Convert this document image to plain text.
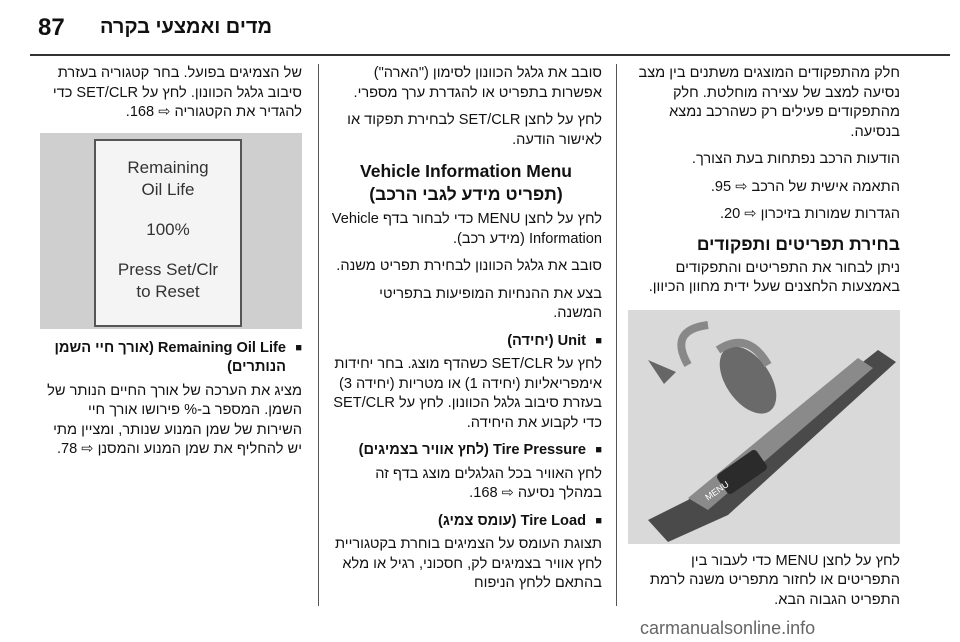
87 מדים ואמצעי בקרה

חלק מהתפקודים המוצגים משתנים בין מצב נסיעה למצב של עצירה מוחלטת. חלק מהתפקודים פעילים רק כשהרכב נמצא בנסיעה.

הודעות הרכב נפתחות בעת הצורך.

התאמה אישית של הרכב ⇨ 95.

הגדרות שמורות בזיכרון ⇨ 20.

בחירת תפריטים ותפקודים

ניתן לבחור את התפריטים והתפקודים באמצעות הלחצנים שעל ידית מחוון הכיוון.

MENU

לחץ על לחצן MENU כדי לעבור בין התפריטים או לחזור מתפריט משנה לרמת התפריט הגבוה הבא.

סובב את גלגל הכוונון לסימון ("הארה") אפשרות בתפריט או להגדרת ערך מספרי.

לחץ על לחצן SET/CLR לבחירת תפקוד או לאישור הודעה.

Vehicle Information Menu (תפריט מידע לגבי הרכב)

לחץ על לחצן MENU כדי לבחור בדף Vehicle Information (מידע רכב).

סובב את גלגל הכוונון לבחירת תפריט משנה.

בצע את ההנחיות המופיעות בתפריטי המשנה.

■ Unit (יחידה)

לחץ על SET/CLR כשהדף מוצג. בחר יחידות אימפריאליות (יחידה 1) או מטריות (יחידה 3) בעזרת סיבוב גלגל הכוונון. לחץ על SET/CLR כדי לקבוע את היחידה.

■ Tire Pressure (לחץ אוויר בצמיגים)

לחץ האוויר בכל הגלגלים מוצג בדף זה במהלך נסיעה ⇨ 168.

■ Tire Load (עומס צמיג)

תצוגת העומס על הצמיגים בוחרת בקטגוריית לחץ אוויר בצמיגים לק, חסכוני, רגיל או מלא בהתאם ללחץ הניפוח

של הצמיגים בפועל. בחר קטגוריה בעזרת סיבוב גלגל הכוונון. לחץ על SET/CLR כדי להגדיר את הקטגוריה ⇨ 168.

Remaining
Oil Life
100%
Press Set/Clr
to Reset
■ Remaining Oil Life (אורך חיי השמן הנותרים)

מציג את הערכה של אורך החיים הנותר של השמן. המספר ב-% פירושו אורך חיי השירות של שמן המנוע שנותר, ומציין מתי יש להחליף את שמן המנוע והמסנן ⇨ 78.

carmanualsonline.info
